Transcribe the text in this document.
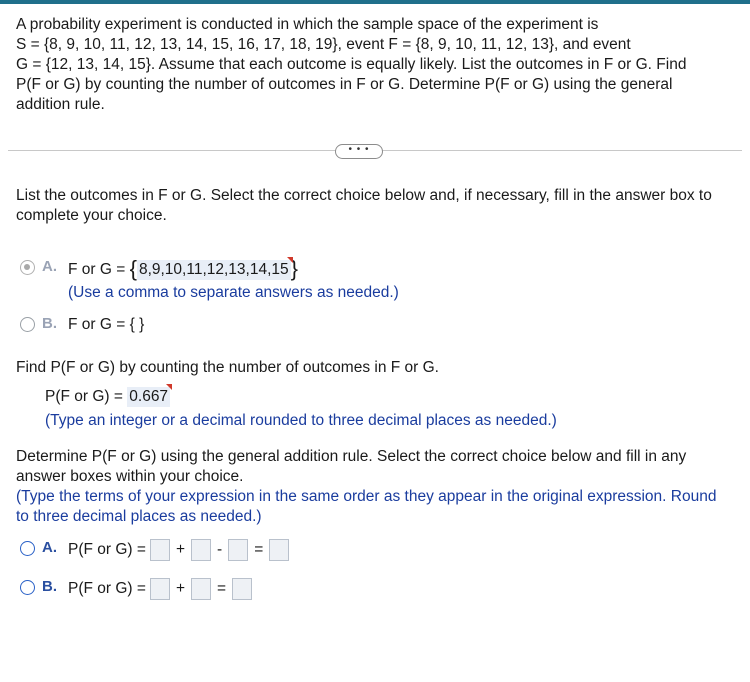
A probability experiment is conducted in which the sample space of the experiment is
S = {8, 9, 10, 11, 12, 13, 14, 15, 16, 17, 18, 19}, event F = {8, 9, 10, 11, 12, 13}, and event
G = {12, 13, 14, 15}. Assume that each outcome is equally likely. List the outcomes in F or G. Find
P(F or G) by counting the number of outcomes in F or G. Determine P(F or G) using the general
addition rule.
• • •
List the outcomes in F or G. Select the correct choice below and, if necessary, fill in the answer box to
complete your choice.
A. F or G = { 8,9,10,11,12,13,14,15
}
(Use a comma to separate answers as needed.)
B. F or G = { }
Find P(F or G) by counting the number of outcomes in F or G.
P(F or G) = 0.667
(Type an integer or a decimal rounded to three decimal places as needed.)
Determine P(F or G) using the general addition rule. Select the correct choice below and fill in any
answer boxes within your choice.
(Type the terms of your expression in the same order as they appear in the original expression. Round
to three decimal places as needed.)
A. P(F or G) = + - =
B. P(F or G) = + =
